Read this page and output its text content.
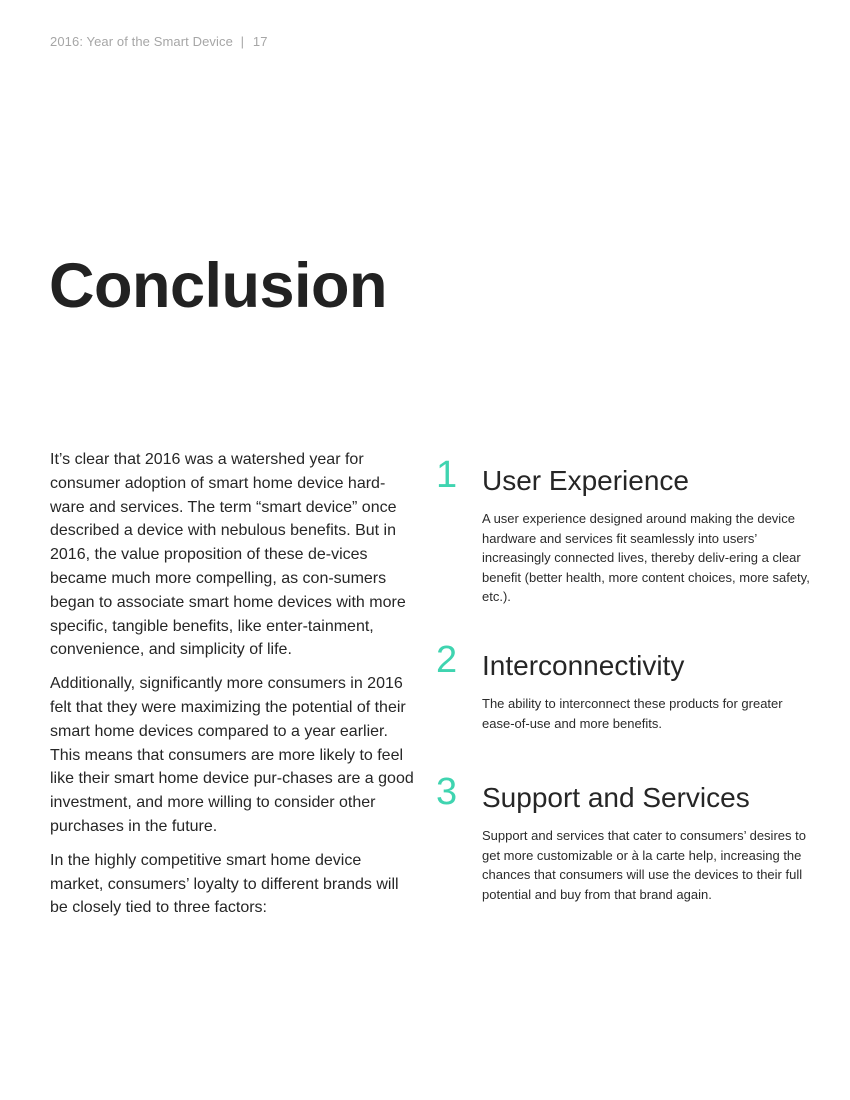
2016: Year of the Smart Device | 17
Conclusion

It’s clear that 2016 was a watershed year for consumer adoption of smart home device hard-ware and services. The term “smart device” once described a device with nebulous benefits. But in 2016, the value proposition of these de-vices became much more compelling, as con-sumers began to associate smart home devices with more specific, tangible benefits, like enter-tainment, convenience, and simplicity of life.

Additionally, significantly more consumers in 2016 felt that they were maximizing the potential of their smart home devices compared to a year earlier. This means that consumers are more likely to feel like their smart home device pur-chases are a good investment, and more willing to consider other purchases in the future.

In the highly competitive smart home device market, consumers’ loyalty to different brands will be closely tied to three factors:

1 User Experience
A user experience designed around making the device hardware and services fit seamlessly into users’ increasingly connected lives, thereby deliv-ering a clear benefit (better health, more content choices, more safety, etc.).
2 Interconnectivity
The ability to interconnect these products for greater ease-of-use and more benefits.
3 Support and Services
Support and services that cater to consumers’ desires to get more customizable or à la carte help, increasing the chances that consumers will use the devices to their full potential and buy from that brand again.
